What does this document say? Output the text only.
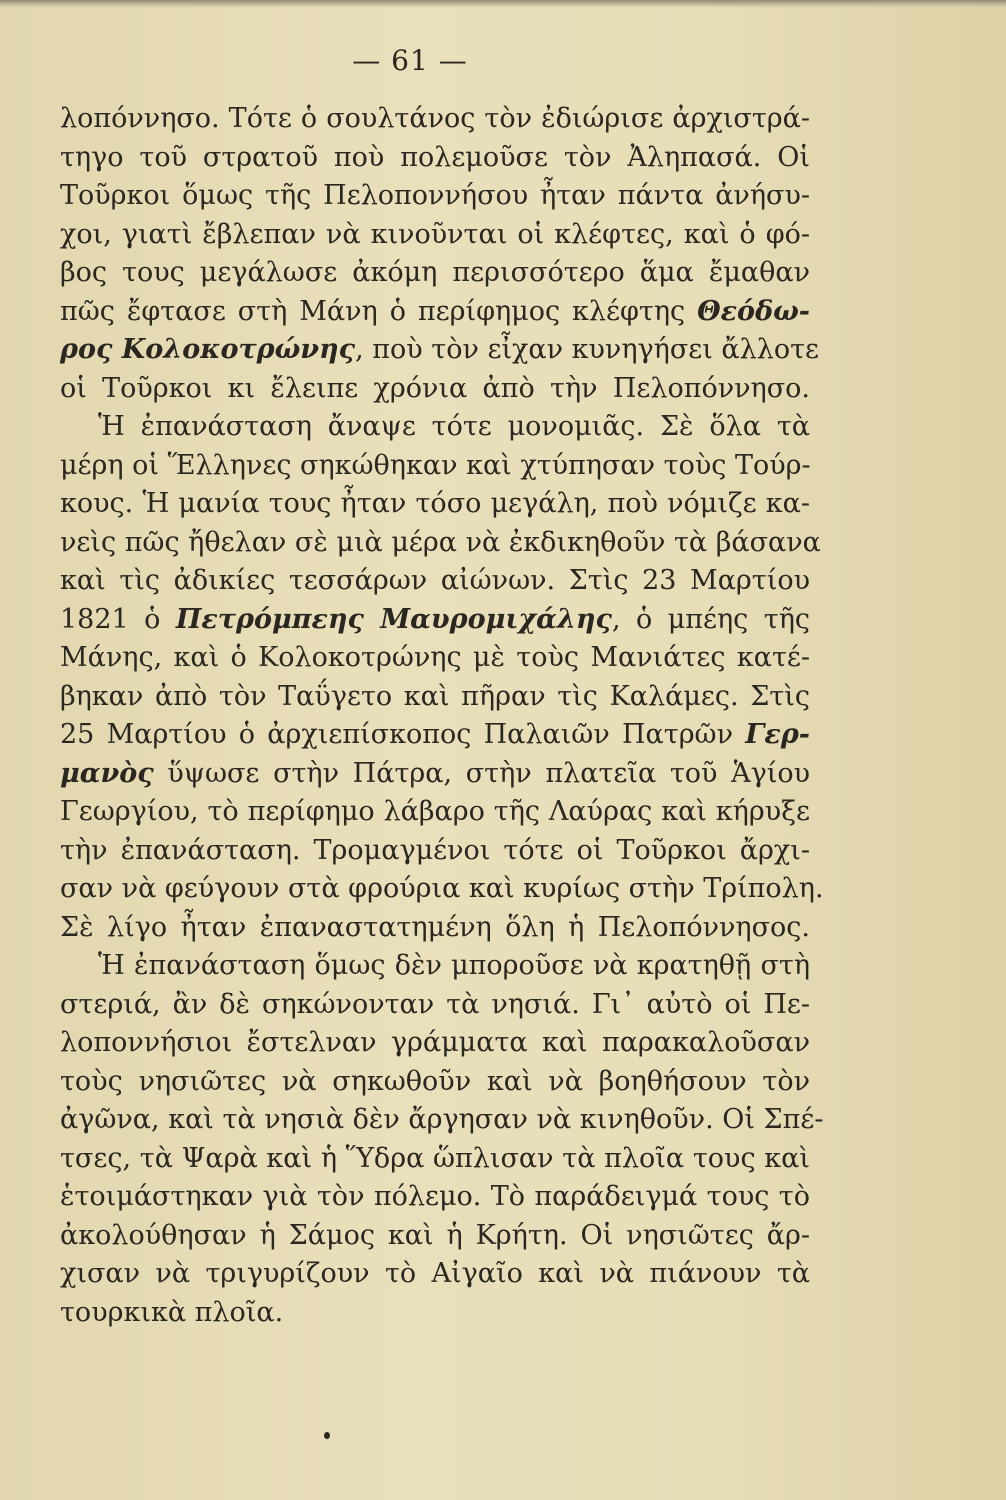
— 61 —
λοπόννησο. Τότε ὁ σουλτάνος τὸν ἐδιώρισε ἀρχιστρά-
τηγο τοῦ στρατοῦ ποὺ πολεμοῦσε τὸν Ἀληπασά. Οἱ
Τοῦρκοι ὅμως τῆς Πελοποννήσου ἦταν πάντα ἀνήσυ-
χοι, γιατὶ ἔβλεπαν νὰ κινοῦνται οἱ κλέφτες, καὶ ὁ φό-
βος τους μεγάλωσε ἀκόμη περισσότερο ἅμα ἔμαθαν
πῶς ἔφτασε στὴ Μάνη ὁ περίφημος κλέφτης Θεόδω-
ρος Κολοκοτρώνης, ποὺ τὸν εἶχαν κυνηγήσει ἄλλοτε
οἱ Τοῦρκοι κι ἔλειπε χρόνια ἀπὸ τὴν Πελοπόννησο.
Ἡ ἐπανάσταση ἄναψε τότε μονομιᾶς. Σὲ ὅλα τὰ
μέρη οἱ Ἕλληνες σηκώθηκαν καὶ χτύπησαν τοὺς Τούρ-
κους. Ἡ μανία τους ἦταν τόσο μεγάλη, ποὺ νόμιζε κα-
νεὶς πῶς ἤθελαν σὲ μιὰ μέρα νὰ ἐκδικηθοῦν τὰ βάσανα
καὶ τὶς ἀδικίες τεσσάρων αἰώνων. Στὶς 23 Μαρτίου
1821 ὁ Πετρόμπεης Μαυρομιχάλης, ὁ μπέης τῆς
Μάνης, καὶ ὁ Κολοκοτρώνης μὲ τοὺς Μανιάτες κατέ-
βηκαν ἀπὸ τὸν Ταΰγετο καὶ πῆραν τὶς Καλάμες. Στὶς
25 Μαρτίου ὁ ἀρχιεπίσκοπος Παλαιῶν Πατρῶν Γερ-
μανὸς ὕψωσε στὴν Πάτρα, στὴν πλατεῖα τοῦ Ἁγίου
Γεωργίου, τὸ περίφημο λάβαρο τῆς Λαύρας καὶ κήρυξε
τὴν ἐπανάσταση. Τρομαγμένοι τότε οἱ Τοῦρκοι ἄρχι-
σαν νὰ φεύγουν στὰ φρούρια καὶ κυρίως στὴν Τρίπολη.
Σὲ λίγο ἦταν ἐπαναστατημένη ὅλη ἡ Πελοπόννησος.
Ἡ ἐπανάσταση ὅμως δὲν μποροῦσε νὰ κρατηθῇ στὴ
στεριά, ἂν δὲ σηκώνονταν τὰ νησιά. Γι᾽ αὐτὸ οἱ Πε-
λοποννήσιοι ἔστελναν γράμματα καὶ παρακαλοῦσαν
τοὺς νησιῶτες νὰ σηκωθοῦν καὶ νὰ βοηθήσουν τὸν
ἀγῶνα, καὶ τὰ νησιὰ δὲν ἄργησαν νὰ κινηθοῦν. Οἱ Σπέ-
τσες, τὰ Ψαρὰ καὶ ἡ Ὕδρα ὥπλισαν τὰ πλοῖα τους καὶ
ἑτοιμάστηκαν γιὰ τὸν πόλεμο. Τὸ παράδειγμά τους τὸ
ἀκολούθησαν ἡ Σάμος καὶ ἡ Κρήτη. Οἱ νησιῶτες ἄρ-
χισαν νὰ τριγυρίζουν τὸ Αἰγαῖο καὶ νὰ πιάνουν τὰ
τουρκικὰ πλοῖα.
